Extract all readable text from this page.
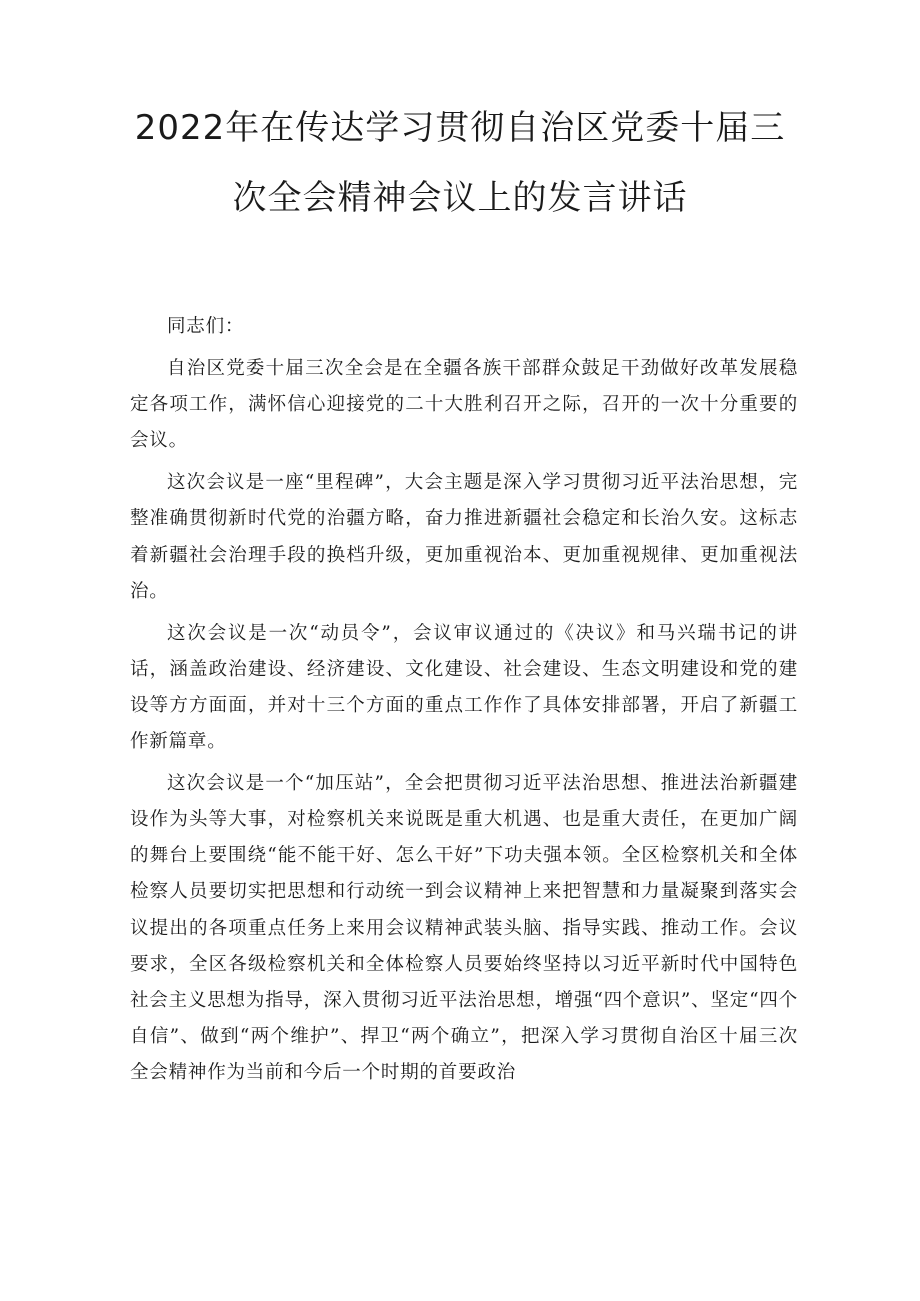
2022年在传达学习贯彻自治区党委十届三
次全会精神会议上的发言讲话

同志们：

自治区党委十届三次全会是在全疆各族干部群众鼓足干劲做好改革发展稳定各项工作，满怀信心迎接党的二十大胜利召开之际，召开的一次十分重要的会议。

这次会议是一座“里程碑”，大会主题是深入学习贯彻习近平法治思想，完整准确贯彻新时代党的治疆方略，奋力推进新疆社会稳定和长治久安。这标志着新疆社会治理手段的换档升级，更加重视治本、更加重视规律、更加重视法治。

这次会议是一次“动员令”，会议审议通过的《决议》和马兴瑞书记的讲话，涵盖政治建设、经济建设、文化建设、社会建设、生态文明建设和党的建设等方方面面，并对十三个方面的重点工作作了具体安排部署，开启了新疆工作新篇章。

这次会议是一个“加压站”，全会把贯彻习近平法治思想、推进法治新疆建设作为头等大事，对检察机关来说既是重大机遇、也是重大责任，在更加广阔的舞台上要围绕“能不能干好、怎么干好”下功夫强本领。全区检察机关和全体检察人员要切实把思想和行动统一到会议精神上来把智慧和力量凝聚到落实会议提出的各项重点任务上来用会议精神武装头脑、指导实践、推动工作。会议要求，全区各级检察机关和全体检察人员要始终坚持以习近平新时代中国特色社会主义思想为指导，深入贯彻习近平法治思想，增强“四个意识”、坚定“四个自信”、做到“两个维护”、捍卫“两个确立”，把深入学习贯彻自治区十届三次全会精神作为当前和今后一个时期的首要政治
